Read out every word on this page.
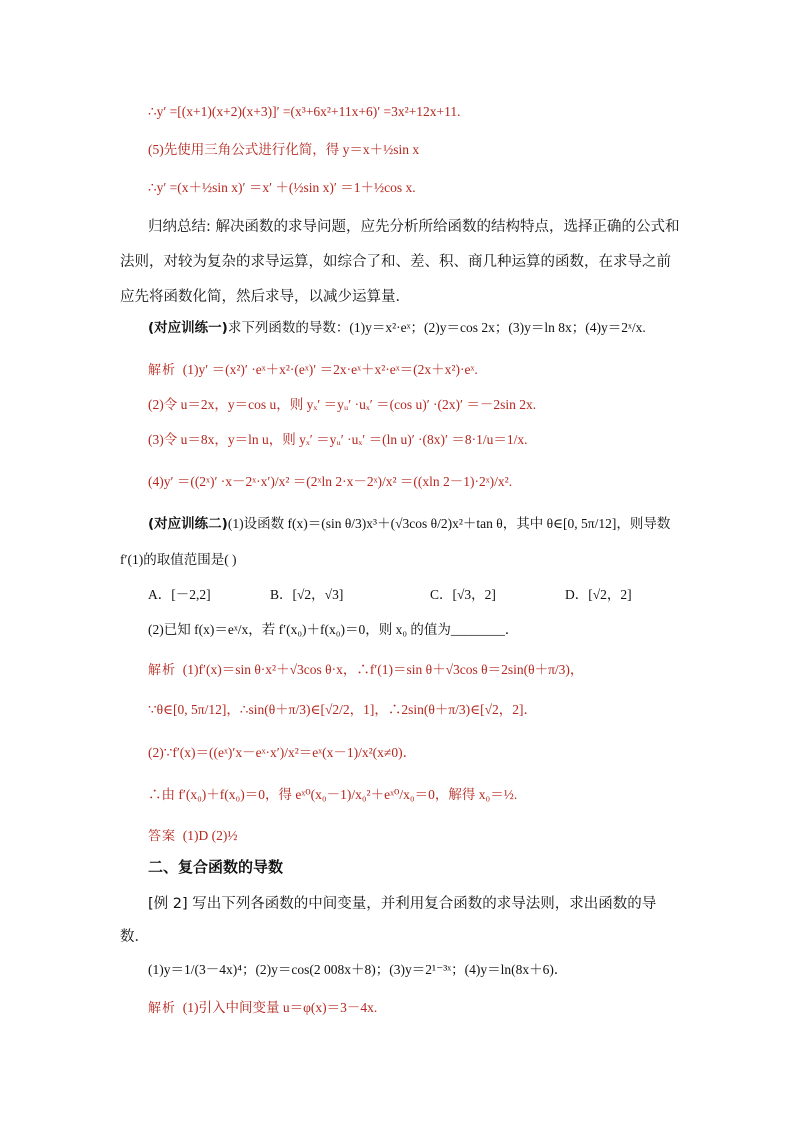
∴y′ =[(x+1)(x+2)(x+3)]′ =(x³+6x²+11x+6)′ =3x²+12x+11.
(5)先使用三角公式进行化简，得 y＝x＋½sin x
∴y′ =(x＋½sin x)′ ＝x′ ＋(½sin x)′ ＝1＋½cos x.
归纳总结: 解决函数的求导问题，应先分析所给函数的结构特点，选择正确的公式和法则，对较为复杂的求导运算，如综合了和、差、积、商几种运算的函数，在求导之前应先将函数化简，然后求导，以减少运算量．
(对应训练一)求下列函数的导数：(1)y＝x²·eˣ；(2)y＝cos 2x；(3)y＝ln 8x；(4)y＝2ˣ/x.
解析 (1)y′ ＝(x²)′ ·eˣ＋x²·(eˣ)′ ＝2x·eˣ＋x²·eˣ＝(2x＋x²)·eˣ.
(2)令 u＝2x，y＝cos u，则 yₓ′ ＝yᵤ′ ·uₓ′ ＝(cos u)′ ·(2x)′ ＝－2sin 2x.
(3)令 u＝8x，y＝ln u，则 yₓ′ ＝yᵤ′ ·uₓ′ ＝(ln u)′ ·(8x)′ ＝8·1/u＝1/x.
(4)y′ ＝((2ˣ)′ ·x－2ˣ·x′)/x² ＝(2ˣln 2·x－2ˣ)/x² ＝((xln 2－1)·2ˣ)/x².
(对应训练二)(1)设函数 f(x)＝(sin θ/3)x³＋(√3cos θ/2)x²＋tan θ，其中 θ∈[0, 5π/12]，则导数
f′(1)的取值范围是( )
A．[－2,2]	B．[√2，√3]	C．[√3，2]	D．[√2，2]
(2)已知 f(x)＝eˣ/x，若 f′(x₀)＋f(x₀)＝0，则 x₀ 的值为________．
解析 (1)f′(x)＝sin θ·x²＋√3cos θ·x，∴f′(1)＝sin θ＋√3cos θ＝2sin(θ＋π/3)，
∵θ∈[0, 5π/12]，∴sin(θ＋π/3)∈[√2/2，1]，∴2sin(θ＋π/3)∈[√2，2]．
(2)∵f′(x)＝((eˣ)′x－eˣ·x′)/x²＝eˣ(x－1)/x²(x≠0)．
∴由 f′(x₀)＋f(x₀)＝0，得 eˣ⁰(x₀－1)/x₀²＋eˣ⁰/x₀＝0，解得 x₀＝½.
答案 (1)D (2)½
二、复合函数的导数
[例 2] 写出下列各函数的中间变量，并利用复合函数的求导法则，求出函数的导数．
(1)y＝1/(3－4x)⁴；(2)y＝cos(2 008x＋8)；(3)y＝2¹⁻³ˣ；(4)y＝ln(8x＋6)．
解析 (1)引入中间变量 u＝φ(x)＝3－4x.
